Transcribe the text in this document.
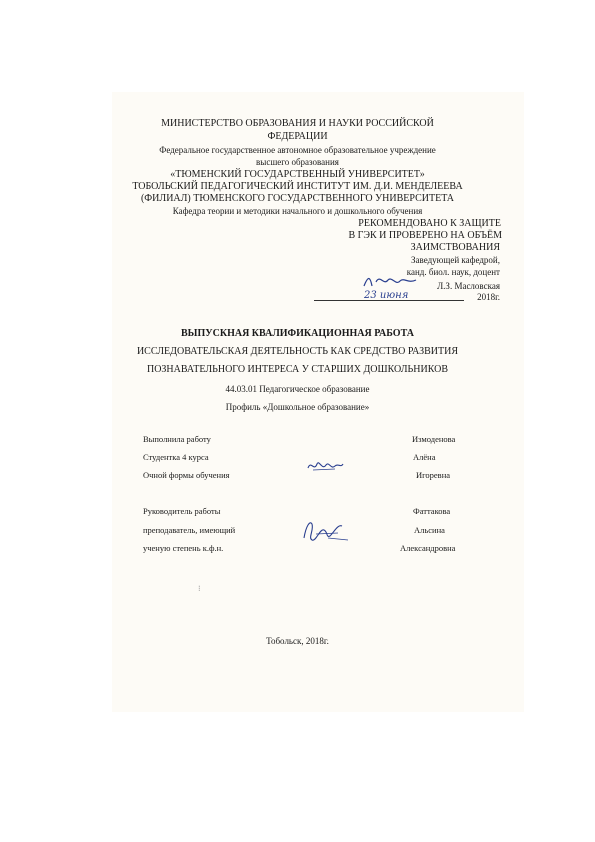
МИНИСТЕРСТВО ОБРАЗОВАНИЯ И НАУКИ РОССИЙСКОЙ
ФЕДЕРАЦИИ
Федеральное государственное автономное образовательное учреждение
высшего образования
«ТЮМЕНСКИЙ ГОСУДАРСТВЕННЫЙ УНИВЕРСИТЕТ»
ТОБОЛЬСКИЙ ПЕДАГОГИЧЕСКИЙ ИНСТИТУТ ИМ. Д.И. МЕНДЕЛЕЕВА
(ФИЛИАЛ) ТЮМЕНСКОГО ГОСУДАРСТВЕННОГО УНИВЕРСИТЕТА
Кафедра теории и методики начального и дошкольного обучения
РЕКОМЕНДОВАНО К ЗАЩИТЕ
В ГЭК И ПРОВЕРЕНО НА ОБЪЁМ
ЗАИМСТВОВАНИЯ
Заведующей кафедрой,
канд. биол. наук, доцент
Л.З. Масловская
23 июня	2018г.
ВЫПУСКНАЯ КВАЛИФИКАЦИОННАЯ РАБОТА
ИССЛЕДОВАТЕЛЬСКАЯ ДЕЯТЕЛЬНОСТЬ КАК СРЕДСТВО РАЗВИТИЯ
ПОЗНАВАТЕЛЬНОГО ИНТЕРЕСА У СТАРШИХ ДОШКОЛЬНИКОВ
44.03.01 Педагогическое образование
Профиль «Дошкольное образование»
Выполнила работу
Студентка 4 курса
Очной формы обучения
Измоденова
Алёна
Игоревна
Руководитель работы
преподаватель, имеющий
ученую степень к.ф.н.
Фаттакова
Альсина
Александровна
⁝
Тобольск, 2018г.
